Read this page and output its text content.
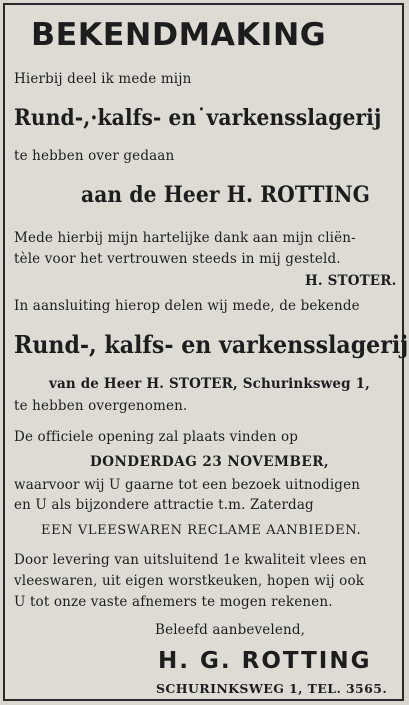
BEKENDMAKING
Hierbij deel ik mede mijn
Rund-,·kalfs- en˙varkensslagerij
te hebben over gedaan
aan de Heer H. ROTTING
Mede hierbij mijn hartelijke dank aan mijn cliën-
tèle voor het vertrouwen steeds in mij gesteld.
H. STOTER.
In aansluiting hierop delen wij mede, de bekende
Rund-, kalfs- en varkensslagerij
van de Heer H. STOTER, Schurinksweg 1,
te hebben overgenomen.
De officiele opening zal plaats vinden op
DONDERDAG 23 NOVEMBER,
waarvoor wij U gaarne tot een bezoek uitnodigen
en U als bijzondere attractie t.m. Zaterdag
EEN VLEESWAREN RECLAME AANBIEDEN.
Door levering van uitsluitend 1e kwaliteit vlees en
vleeswaren, uit eigen worstkeuken, hopen wij ook
U tot onze vaste afnemers te mogen rekenen.
Beleefd aanbevelend,
H. G. ROTTING
SCHURINKSWEG 1, TEL. 3565.
